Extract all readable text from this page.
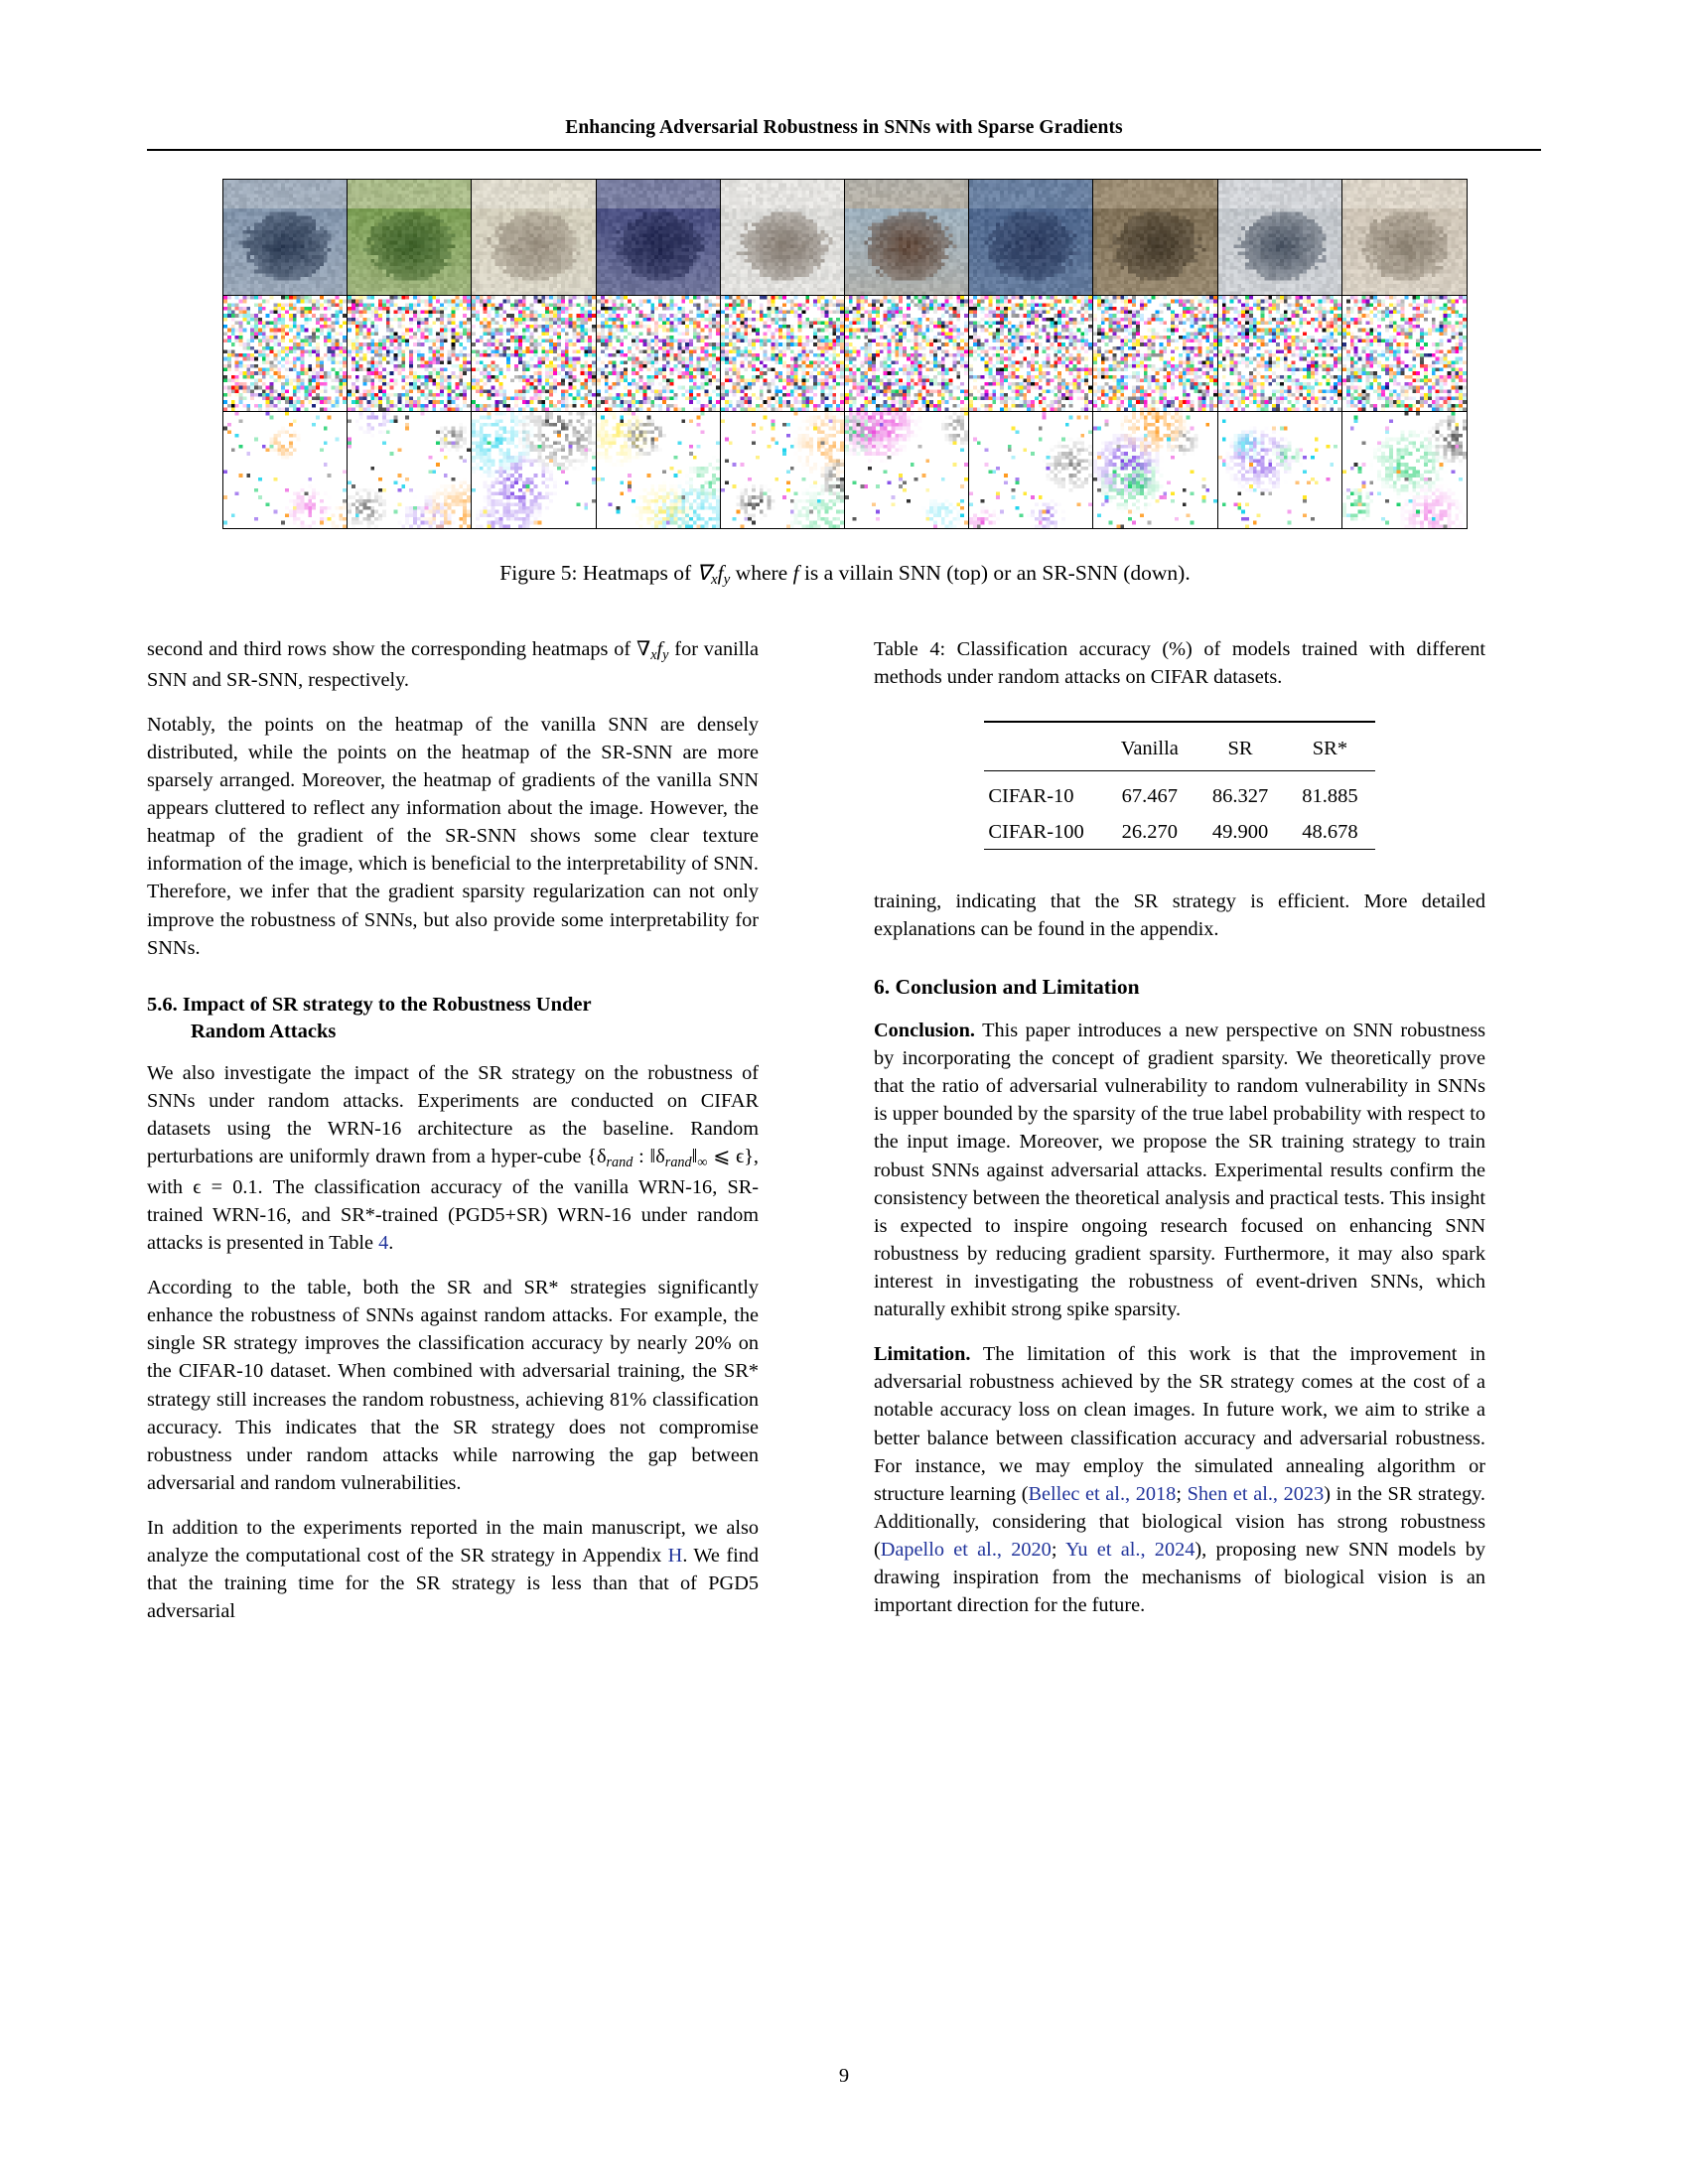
Enhancing Adversarial Robustness in SNNs with Sparse Gradients
Figure 5: Heatmaps of $\nabla_xf_y$ where f is a villain SNN (top) or an SR-SNN (down).

second and third rows show the corresponding heatmaps of $\nabla_xf_y$ for vanilla SNN and SR-SNN, respectively.

Notably, the points on the heatmap of the vanilla SNN are densely distributed, while the points on the heatmap of the SR-SNN are more sparsely arranged. Moreover, the heatmap of gradients of the vanilla SNN appears cluttered to reflect any information about the image. However, the heatmap of the gradient of the SR-SNN shows some clear texture information of the image, which is beneficial to the interpretability of SNN. Therefore, we infer that the gradient sparsity regularization can not only improve the robustness of SNNs, but also provide some interpretability for SNNs.

5.6. Impact of SR strategy to the Robustness Under
Random Attacks

We also investigate the impact of the SR strategy on the robustness of SNNs under random attacks. Experiments are conducted on CIFAR datasets using the WRN-16 architecture as the baseline. Random perturbations are uniformly drawn from a hyper-cube {$\delta_{rand}$ : $‖\delta_{rand}‖_\infty$ ⩽ ϵ}, with ϵ = 0.1. The classification accuracy of the vanilla WRN-16, SR-trained WRN-16, and SR*-trained (PGD5+SR) WRN-16 under random attacks is presented in Table 4.

According to the table, both the SR and SR* strategies significantly enhance the robustness of SNNs against random attacks. For example, the single SR strategy improves the classification accuracy by nearly 20% on the CIFAR-10 dataset. When combined with adversarial training, the SR* strategy still increases the random robustness, achieving 81% classification accuracy. This indicates that the SR strategy does not compromise robustness under random attacks while narrowing the gap between adversarial and random vulnerabilities.

In addition to the experiments reported in the main manuscript, we also analyze the computational cost of the SR strategy in Appendix H. We find that the training time for the SR strategy is less than that of PGD5 adversarial

Table 4: Classification accuracy (%) of models trained with different methods under random attacks on CIFAR datasets.

	Vanilla	SR	SR*

CIFAR-10	67.467	86.327	81.885
CIFAR-100	26.270	49.900	48.678

training, indicating that the SR strategy is efficient. More detailed explanations can be found in the appendix.

6. Conclusion and Limitation

Conclusion. This paper introduces a new perspective on SNN robustness by incorporating the concept of gradient sparsity. We theoretically prove that the ratio of adversarial vulnerability to random vulnerability in SNNs is upper bounded by the sparsity of the true label probability with respect to the input image. Moreover, we propose the SR training strategy to train robust SNNs against adversarial attacks. Experimental results confirm the consistency between the theoretical analysis and practical tests. This insight is expected to inspire ongoing research focused on enhancing SNN robustness by reducing gradient sparsity. Furthermore, it may also spark interest in investigating the robustness of event-driven SNNs, which naturally exhibit strong spike sparsity.

Limitation. The limitation of this work is that the improvement in adversarial robustness achieved by the SR strategy comes at the cost of a notable accuracy loss on clean images. In future work, we aim to strike a better balance between classification accuracy and adversarial robustness. For instance, we may employ the simulated annealing algorithm or structure learning (Bellec et al., 2018; Shen et al., 2023) in the SR strategy. Additionally, considering that biological vision has strong robustness (Dapello et al., 2020; Yu et al., 2024), proposing new SNN models by drawing inspiration from the mechanisms of biological vision is an important direction for the future.

9
